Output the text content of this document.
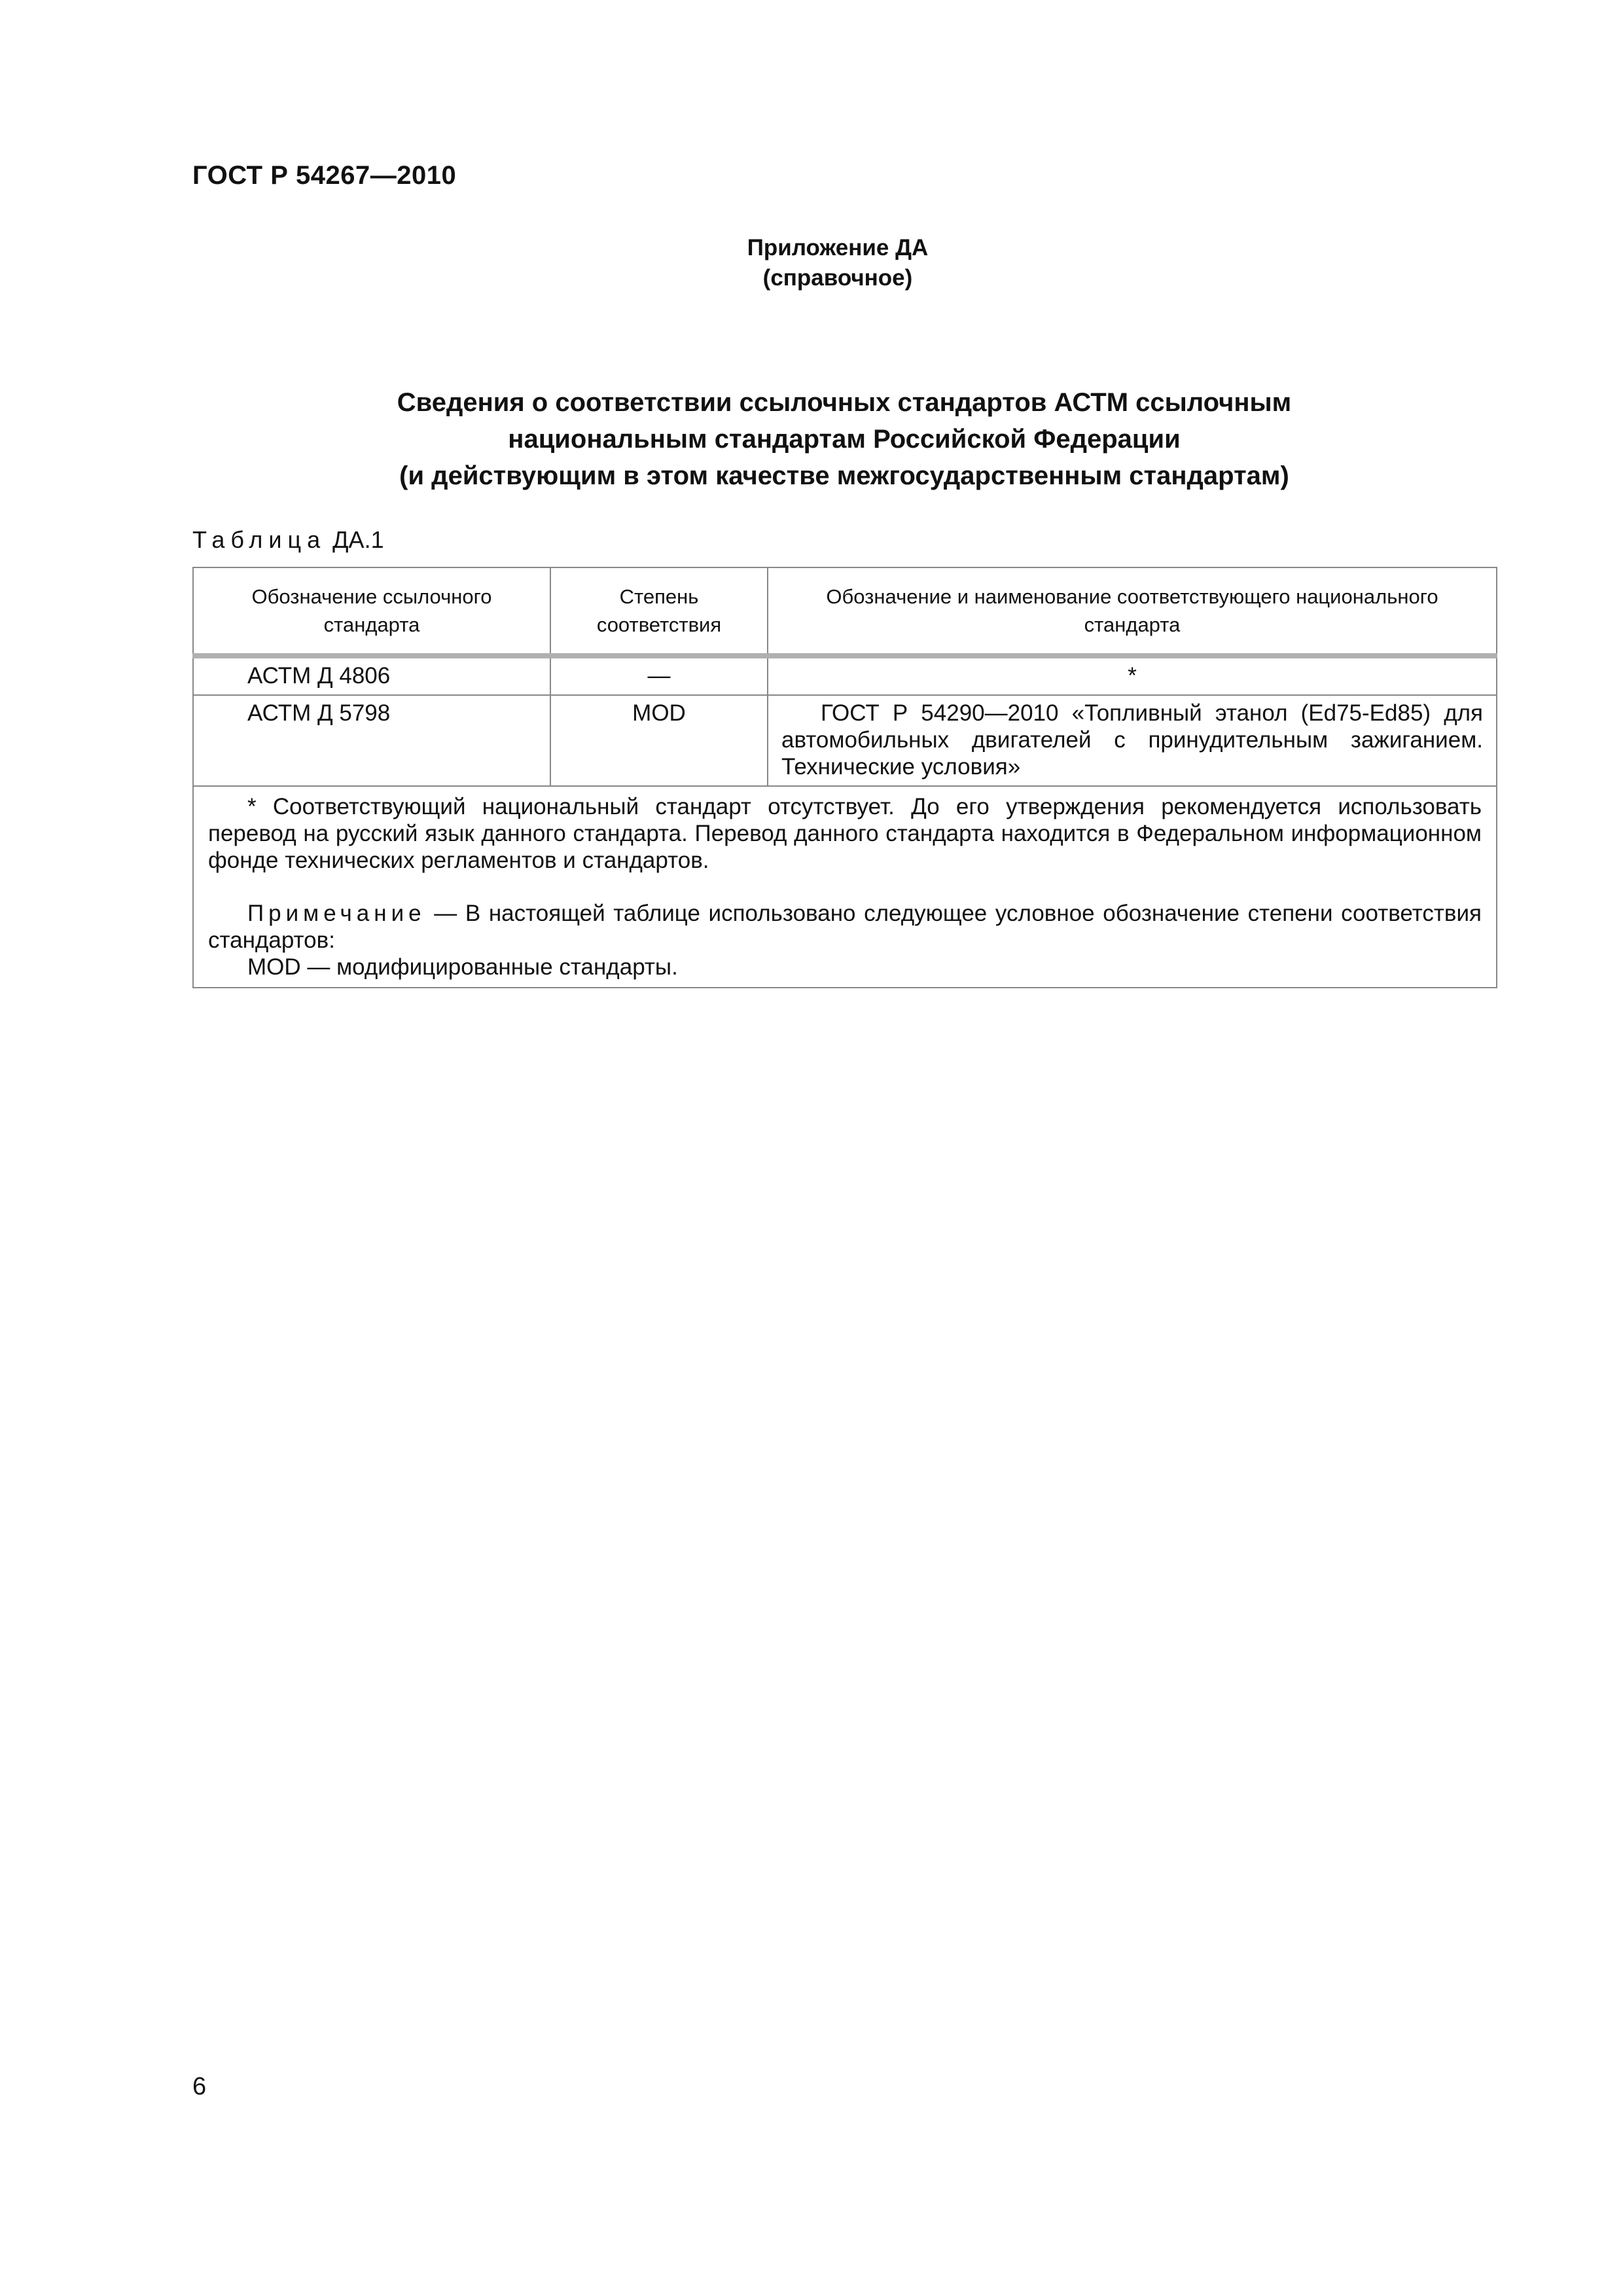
ГОСТ Р 54267—2010
Приложение ДА
(справочное)
Сведения о соответствии ссылочных стандартов АСТМ ссылочным
национальным стандартам Российской Федерации
(и действующим в этом качестве межгосударственным стандартам)
Таблица ДА.1
Обозначение ссылочного стандарта	Степень соответствия	Обозначение и наименование соответствующего национального стандарта
АСТМ Д 4806	—	*
АСТМ Д 5798	MOD	ГОСТ Р 54290—2010 «Топливный этанол (Ed75-Ed85) для автомобильных двигателей с принудительным зажиганием. Технические условия»

* Соответствующий национальный стандарт отсутствует. До его утверждения рекомендуется использовать перевод на русский язык данного стандарта. Перевод данного стандарта находится в Федеральном информационном фонде технических регламентов и стандартов.

Примечание — В настоящей таблице использовано следующее условное обозначение степени соответствия стандартов:

MOD — модифицированные стандарты.		

6
